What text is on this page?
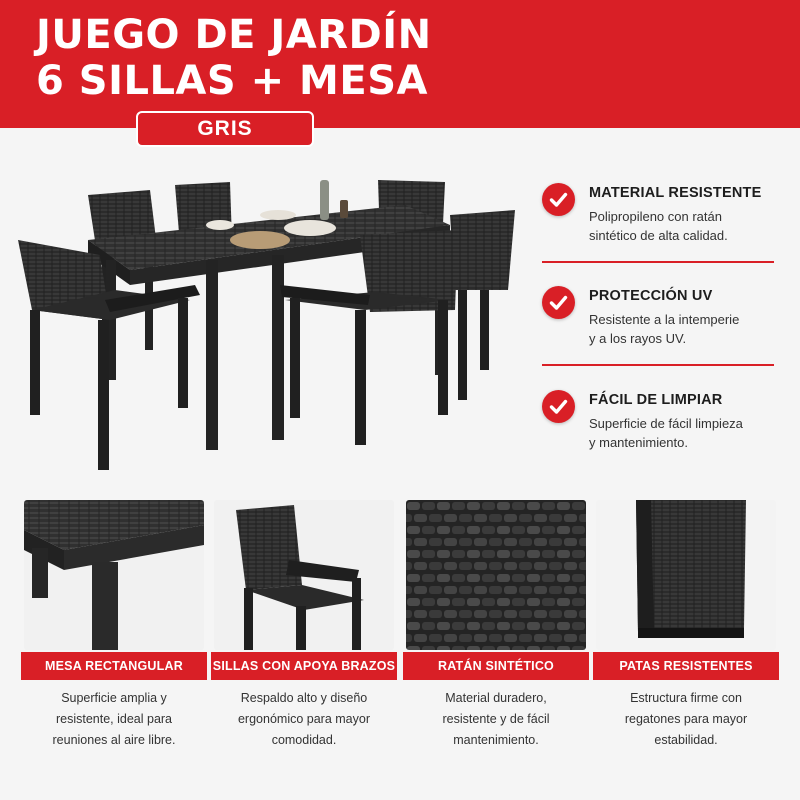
JUEGO DE JARDÍN
6 SILLAS + MESA
GRIS
MATERIAL RESISTENTE
Polipropileno con ratán
sintético de alta calidad.
PROTECCIÓN UV
Resistente a la intemperie
y a los rayos UV.
FÁCIL DE LIMPIAR
Superficie de fácil limpieza
y mantenimiento.
MESA RECTANGULAR	SILLAS CON APOYA BRAZOS	RATÁN SINTÉTICO	PATAS RESISTENTES
Superficie amplia y
resistente, ideal para
reuniones al aire libre.
Respaldo alto y diseño
ergonómico para mayor
comodidad.
Material duradero,
resistente y de fácil
mantenimiento.
Estructura firme con
regatones para mayor
estabilidad.
